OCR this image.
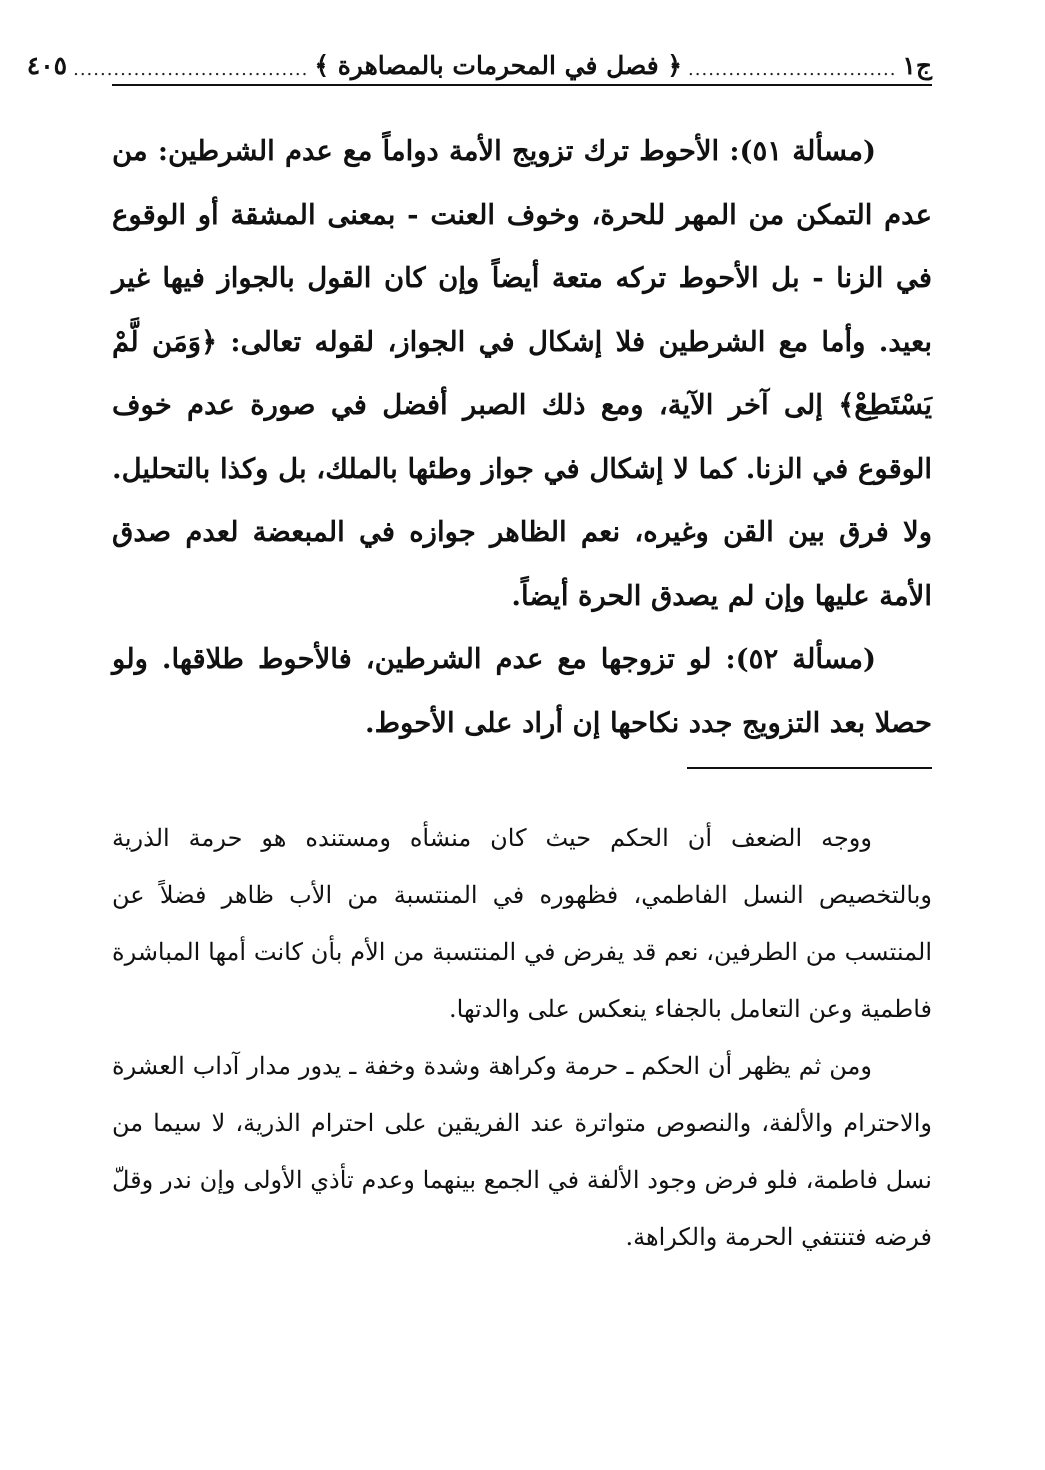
ج١
...............................
﴿ فصل في المحرمات بالمصاهرة ﴾
...................................
٤٠٥

(مسألة ٥١): الأحوط ترك تزويج الأمة دواماً مع عدم الشرطين: من عدم التمكن من المهر للحرة، وخوف العنت - بمعنى المشقة أو الوقوع في الزنا - بل الأحوط تركه متعة أيضاً وإن كان القول بالجواز فيها غير بعيد. وأما مع الشرطين فلا إشكال في الجواز، لقوله تعالى: ﴿وَمَن لَّمْ يَسْتَطِعْ﴾ إلى آخر الآية، ومع ذلك الصبر أفضل في صورة عدم خوف الوقوع في الزنا. كما لا إشكال في جواز وطئها بالملك، بل وكذا بالتحليل. ولا فرق بين القن وغيره، نعم الظاهر جوازه في المبعضة لعدم صدق الأمة عليها وإن لم يصدق الحرة أيضاً.

(مسألة ٥٢): لو تزوجها مع عدم الشرطين، فالأحوط طلاقها. ولو حصلا بعد التزويج جدد نكاحها إن أراد على الأحوط.

ووجه الضعف أن الحكم حيث كان منشأه ومستنده هو حرمة الذرية وبالتخصيص النسل الفاطمي، فظهوره في المنتسبة من الأب ظاهر فضلاً عن المنتسب من الطرفين، نعم قد يفرض في المنتسبة من الأم بأن كانت أمها المباشرة فاطمية وعن التعامل بالجفاء ينعكس على والدتها.

ومن ثم يظهر أن الحكم ـ حرمة وكراهة وشدة وخفة ـ يدور مدار آداب العشرة والاحترام والألفة، والنصوص متواترة عند الفريقين على احترام الذرية، لا سيما من نسل فاطمة، فلو فرض وجود الألفة في الجمع بينهما وعدم تأذي الأولى وإن ندر وقلّ فرضه فتنتفي الحرمة والكراهة.
